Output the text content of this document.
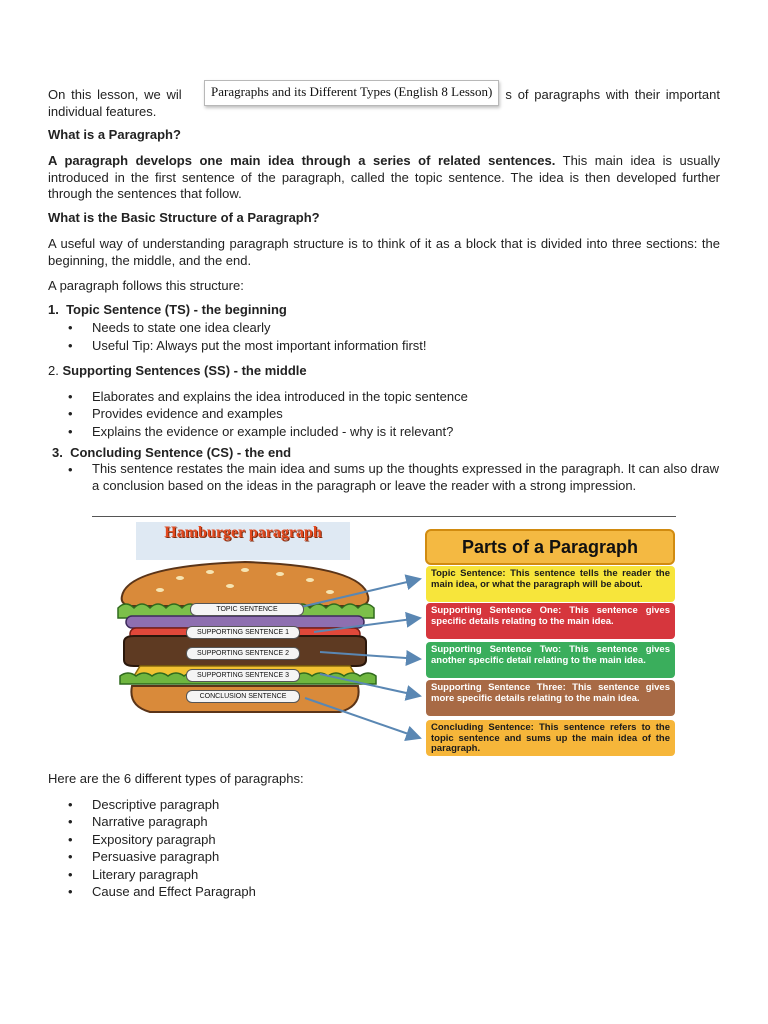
On this lesson, we wil	s of paragraphs with their important individual features.
Paragraphs and its Different Types (English 8 Lesson)
What is a Paragraph?
A paragraph develops one main idea through a series of related sentences. This main idea is usually introduced in the first sentence of the paragraph, called the topic sentence. The idea is then developed further through the sentences that follow.
What is the Basic Structure of a Paragraph?
A useful way of understanding paragraph structure is to think of it as a block that is divided into three sections: the beginning, the middle, and the end.
A paragraph follows this structure:
1. Topic Sentence (TS) - the beginning
• Needs to state one idea clearly
• Useful Tip: Always put the most important information first!
2. Supporting Sentences (SS) - the middle
• Elaborates and explains the idea introduced in the topic sentence
• Provides evidence and examples
• Explains the evidence or example included - why is it relevant?
3. Concluding Sentence (CS) - the end
• This sentence restates the main idea and sums up the thoughts expressed in the paragraph. It can also draw a conclusion based on the ideas in the paragraph or leave the reader with a strong impression.
Hamburger paragraph
TOPIC SENTENCE
SUPPORTING SENTENCE 1
SUPPORTING SENTENCE 2
SUPPORTING SENTENCE 3
CONCLUSION SENTENCE
Parts of a Paragraph
Topic Sentence: This sentence tells the reader the main idea, or what the paragraph will be about.
Supporting Sentence One: This sentence gives specific details relating to the main idea.
Supporting Sentence Two: This sentence gives another specific detail relating to the main idea.
Supporting Sentence Three: This sentence gives more specific details relating to the main idea.
Concluding Sentence: This sentence refers to the topic sentence and sums up the main idea of the paragraph.
Here are the 6 different types of paragraphs:
• Descriptive paragraph
• Narrative paragraph
• Expository paragraph
• Persuasive paragraph
• Literary paragraph
• Cause and Effect Paragraph
